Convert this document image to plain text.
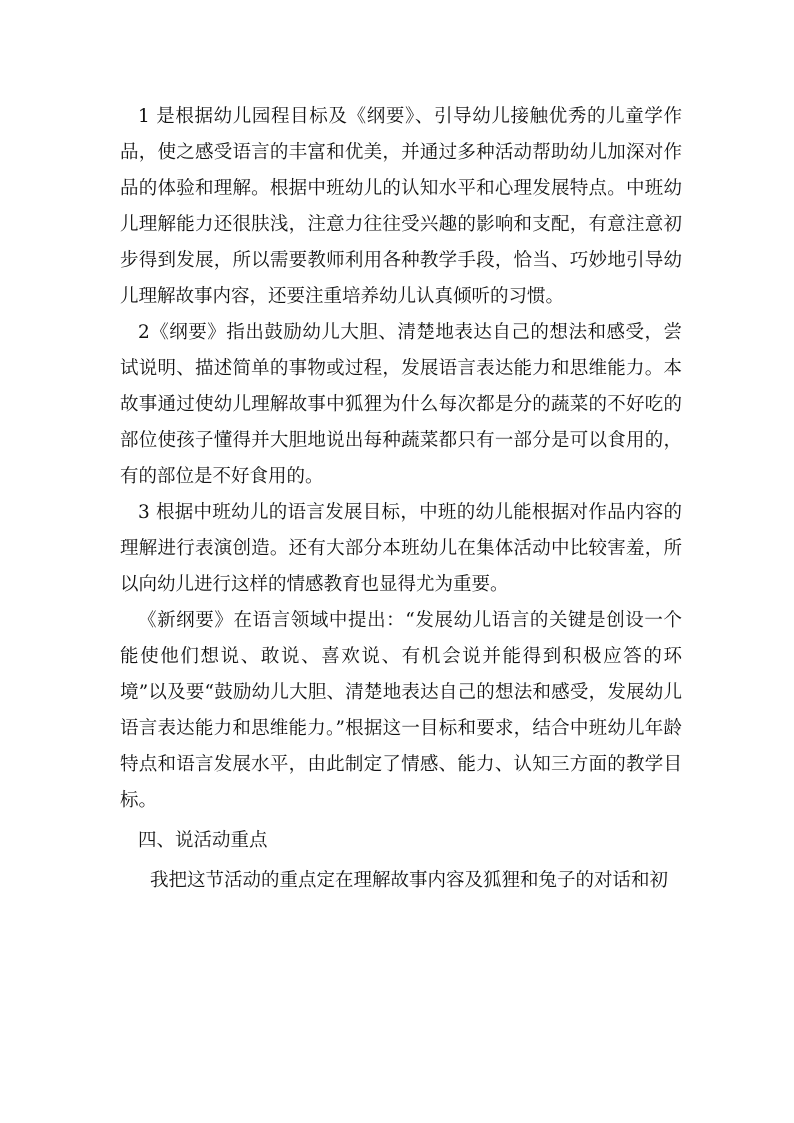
1 是根据幼儿园程目标及《纲要》、引导幼儿接触优秀的儿童学作品，使之感受语言的丰富和优美，并通过多种活动帮助幼儿加深对作品的体验和理解。根据中班幼儿的认知水平和心理发展特点。中班幼儿理解能力还很肤浅，注意力往往受兴趣的影响和支配，有意注意初步得到发展，所以需要教师利用各种教学手段，恰当、巧妙地引导幼儿理解故事内容，还要注重培养幼儿认真倾听的习惯。

2《纲要》指出鼓励幼儿大胆、清楚地表达自己的想法和感受，尝试说明、描述简单的事物或过程，发展语言表达能力和思维能力。本故事通过使幼儿理解故事中狐狸为什么每次都是分的蔬菜的不好吃的部位使孩子懂得并大胆地说出每种蔬菜都只有一部分是可以食用的，有的部位是不好食用的。

3 根据中班幼儿的语言发展目标，中班的幼儿能根据对作品内容的理解进行表演创造。还有大部分本班幼儿在集体活动中比较害羞，所以向幼儿进行这样的情感教育也显得尤为重要。

《新纲要》在语言领域中提出：“发展幼儿语言的关键是创设一个能使他们想说、敢说、喜欢说、有机会说并能得到积极应答的环境”以及要“鼓励幼儿大胆、清楚地表达自己的想法和感受，发展幼儿语言表达能力和思维能力。”根据这一目标和要求，结合中班幼儿年龄特点和语言发展水平，由此制定了情感、能力、认知三方面的教学目标。

四、说活动重点

我把这节活动的重点定在理解故事内容及狐狸和兔子的对话和初
